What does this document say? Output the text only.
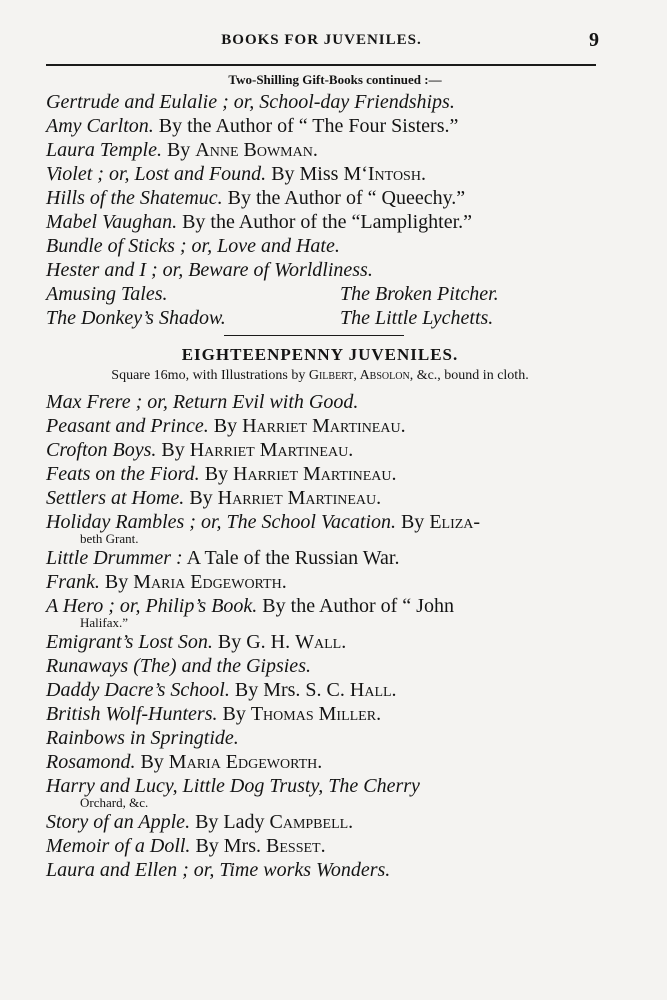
BOOKS FOR JUVENILES.	9
Two-Shilling Gift-Books continued :—
Gertrude and Eulalie ; or, School-day Friendships.
Amy Carlton. By the Author of “ The Four Sisters.”
Laura Temple. By Anne Bowman.
Violet ; or, Lost and Found. By Miss M‘Intosh.
Hills of the Shatemuc. By the Author of “ Queechy.”
Mabel Vaughan. By the Author of the “Lamplighter.”
Bundle of Sticks ; or, Love and Hate.
Hester and I ; or, Beware of Worldliness.
Amusing Tales.	The Broken Pitcher.
The Donkey’s Shadow.	The Little Lychetts.
EIGHTEENPENNY JUVENILES.
Square 16mo, with Illustrations by Gilbert, Absolon, &c., bound in cloth.
Max Frere ; or, Return Evil with Good.
Peasant and Prince. By Harriet Martineau.
Crofton Boys. By Harriet Martineau.
Feats on the Fiord. By Harriet Martineau.
Settlers at Home. By Harriet Martineau.
Holiday Rambles ; or, The School Vacation. By Eliza-
beth Grant.
Little Drummer : A Tale of the Russian War.
Frank. By Maria Edgeworth.
A Hero ; or, Philip’s Book. By the Author of “ John
Halifax.”
Emigrant’s Lost Son. By G. H. Wall.
Runaways (The) and the Gipsies.
Daddy Dacre’s School. By Mrs. S. C. Hall.
British Wolf-Hunters. By Thomas Miller.
Rainbows in Springtide.
Rosamond. By Maria Edgeworth.
Harry and Lucy, Little Dog Trusty, The Cherry
Orchard, &c.
Story of an Apple. By Lady Campbell.
Memoir of a Doll. By Mrs. Besset.
Laura and Ellen ; or, Time works Wonders.
